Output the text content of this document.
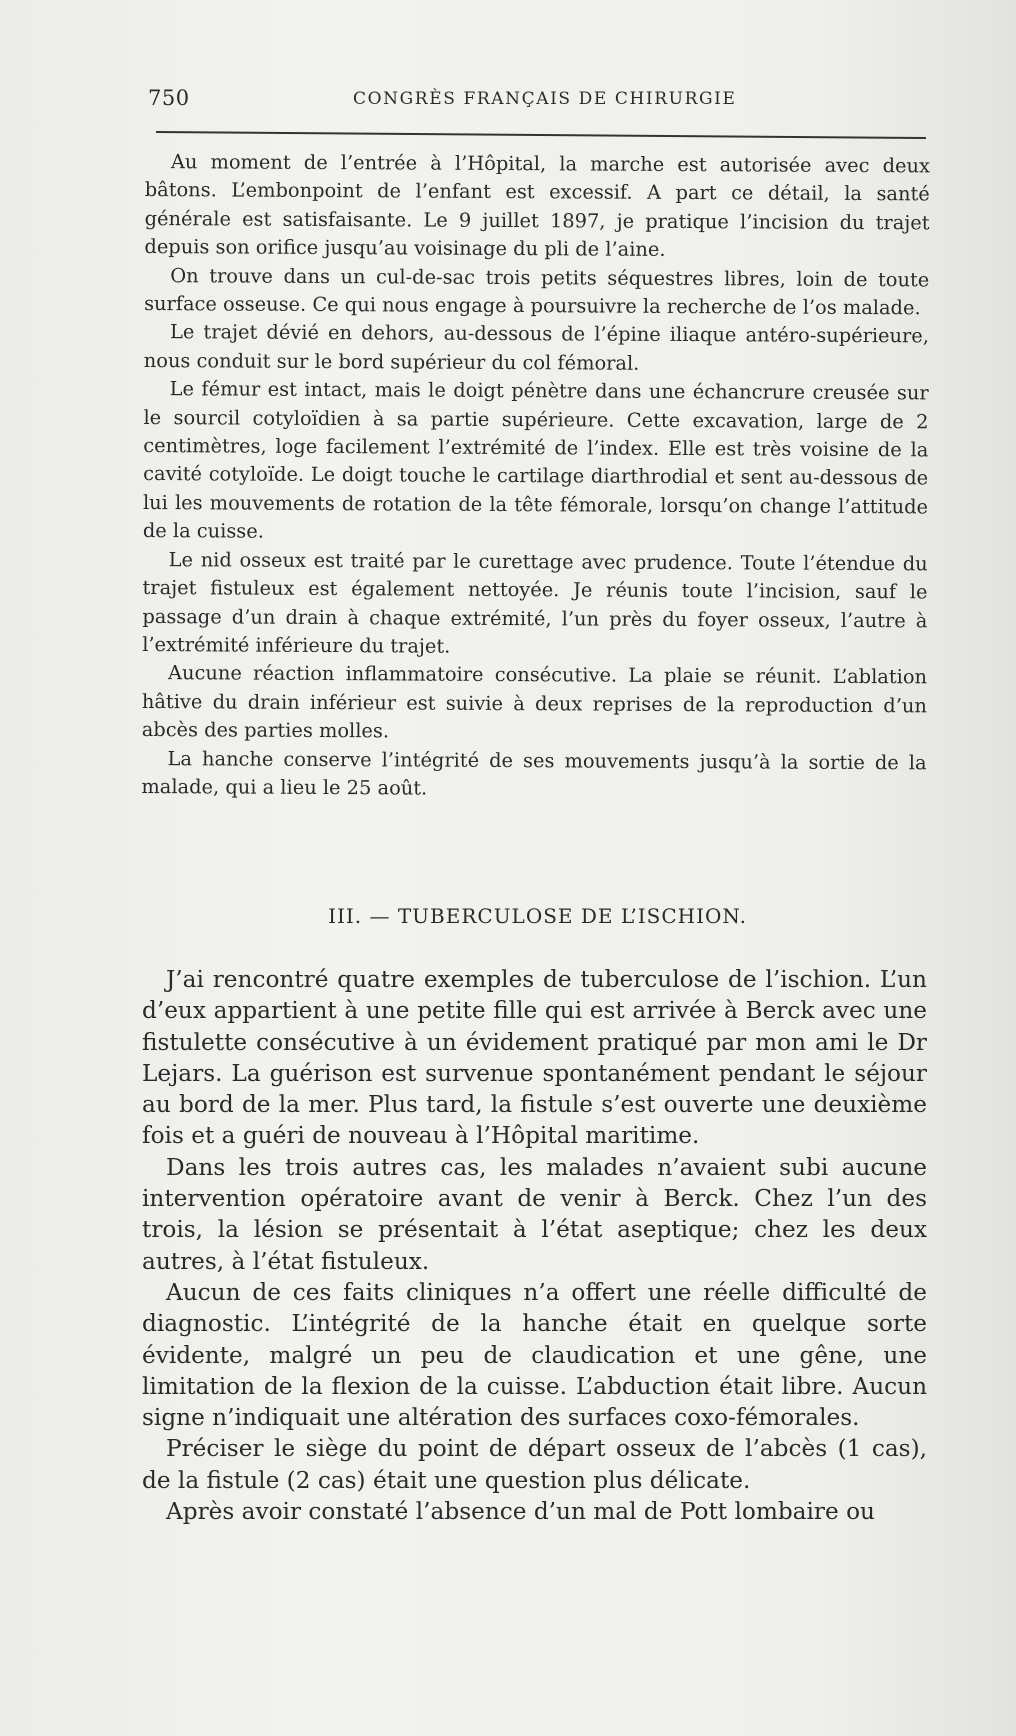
750	CONGRÈS FRANÇAIS DE CHIRURGIE

Au moment de l’entrée à l’Hôpital, la marche est autorisée avec deux bâtons. L’embonpoint de l’enfant est excessif. A part ce détail, la santé générale est satisfaisante. Le 9 juillet 1897, je pratique l’incision du trajet depuis son orifice jusqu’au voisinage du pli de l’aine.

On trouve dans un cul-de-sac trois petits séquestres libres, loin de toute surface osseuse. Ce qui nous engage à poursuivre la recherche de l’os malade.

Le trajet dévié en dehors, au-dessous de l’épine iliaque antéro-supérieure, nous conduit sur le bord supérieur du col fémoral.

Le fémur est intact, mais le doigt pénètre dans une échancrure creusée sur le sourcil cotyloïdien à sa partie supérieure. Cette excavation, large de 2 centimètres, loge facilement l’extrémité de l’index. Elle est très voisine de la cavité cotyloïde. Le doigt touche le cartilage diarthrodial et sent au-dessous de lui les mouvements de rotation de la tête fémorale, lorsqu’on change l’attitude de la cuisse.

Le nid osseux est traité par le curettage avec prudence. Toute l’étendue du trajet fistuleux est également nettoyée. Je réunis toute l’incision, sauf le passage d’un drain à chaque extrémité, l’un près du foyer osseux, l’autre à l’extrémité inférieure du trajet.

Aucune réaction inflammatoire consécutive. La plaie se réunit. L’ablation hâtive du drain inférieur est suivie à deux reprises de la reproduction d’un abcès des parties molles.

La hanche conserve l’intégrité de ses mouvements jusqu’à la sortie de la malade, qui a lieu le 25 août.

III. — TUBERCULOSE DE L’ISCHION.

J’ai rencontré quatre exemples de tuberculose de l’ischion. L’un d’eux appartient à une petite fille qui est arrivée à Berck avec une fistulette consécutive à un évidement pratiqué par mon ami le Dr Lejars. La guérison est survenue spontanément pendant le séjour au bord de la mer. Plus tard, la fistule s’est ouverte une deuxième fois et a guéri de nouveau à l’Hôpital maritime.

Dans les trois autres cas, les malades n’avaient subi aucune intervention opératoire avant de venir à Berck. Chez l’un des trois, la lésion se présentait à l’état aseptique; chez les deux autres, à l’état fistuleux.

Aucun de ces faits cliniques n’a offert une réelle difficulté de diagnostic. L’intégrité de la hanche était en quelque sorte évidente, malgré un peu de claudication et une gêne, une limitation de la flexion de la cuisse. L’abduction était libre. Aucun signe n’indiquait une altération des surfaces coxo-fémorales.

Préciser le siège du point de départ osseux de l’abcès (1 cas), de la fistule (2 cas) était une question plus délicate.

Après avoir constaté l’absence d’un mal de Pott lombaire ou
